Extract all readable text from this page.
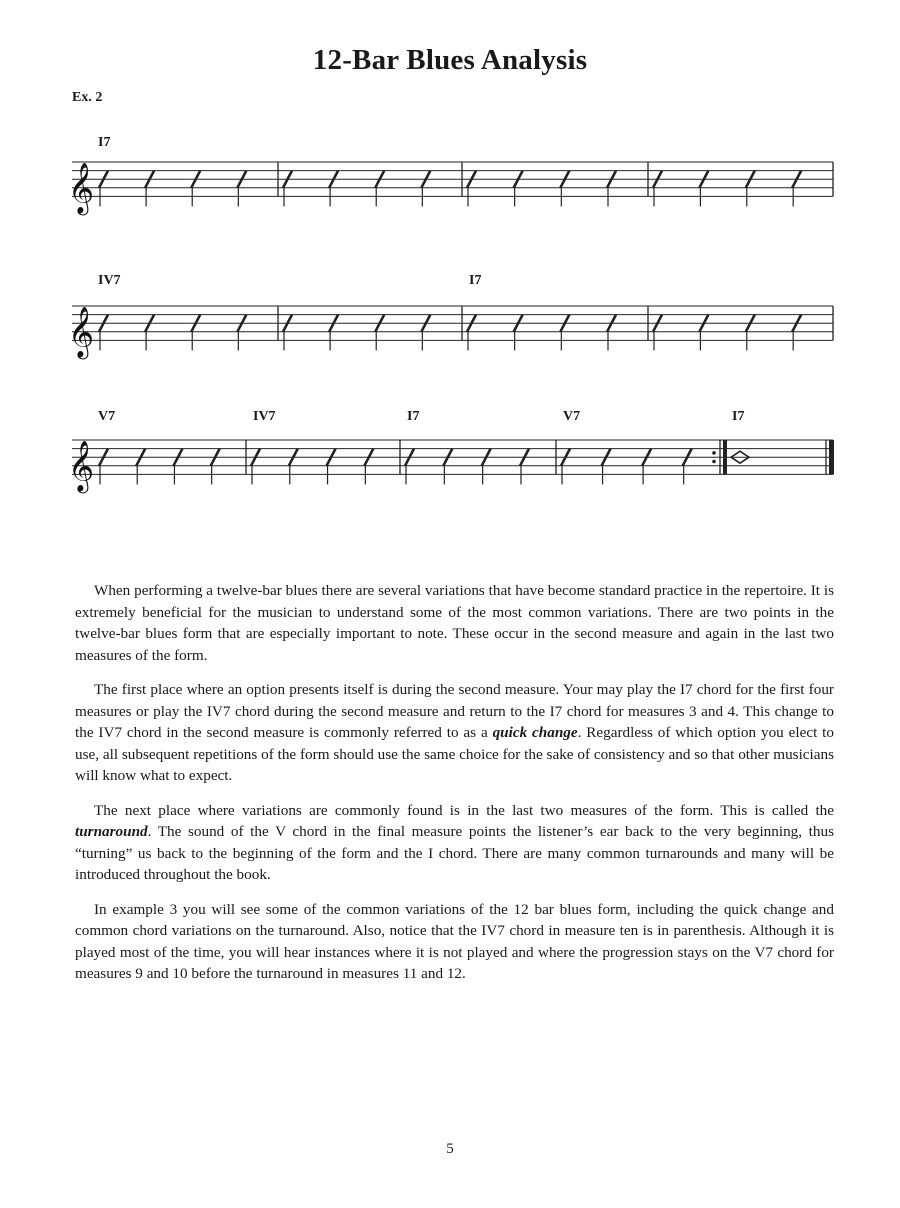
12-Bar Blues Analysis
Ex. 2
𝄞
I7
𝄞
IV7	I7
𝄞
V7	IV7	I7	V7	I7

When performing a twelve-bar blues there are several variations that have become standard practice in the repertoire. It is extremely beneficial for the musician to understand some of the most common variations. There are two points in the twelve-bar blues form that are especially important to note. These occur in the second measure and again in the last two measures of the form.

The first place where an option presents itself is during the second measure. Your may play the I7 chord for the first four measures or play the IV7 chord during the second measure and return to the I7 chord for measures 3 and 4. This change to the IV7 chord in the second measure is commonly referred to as a quick change. Regardless of which option you elect to use, all subsequent repetitions of the form should use the same choice for the sake of consistency and so that other musicians will know what to expect.

The next place where variations are commonly found is in the last two measures of the form. This is called the turnaround. The sound of the V chord in the final measure points the listener’s ear back to the very beginning, thus “turning” us back to the beginning of the form and the I chord. There are many common turnarounds and many will be introduced throughout the book.

In example 3 you will see some of the common variations of the 12 bar blues form, including the quick change and common chord variations on the turnaround. Also, notice that the IV7 chord in measure ten is in parenthesis. Although it is played most of the time, you will hear instances where it is not played and where the progression stays on the V7 chord for measures 9 and 10 before the turnaround in measures 11 and 12.

5
